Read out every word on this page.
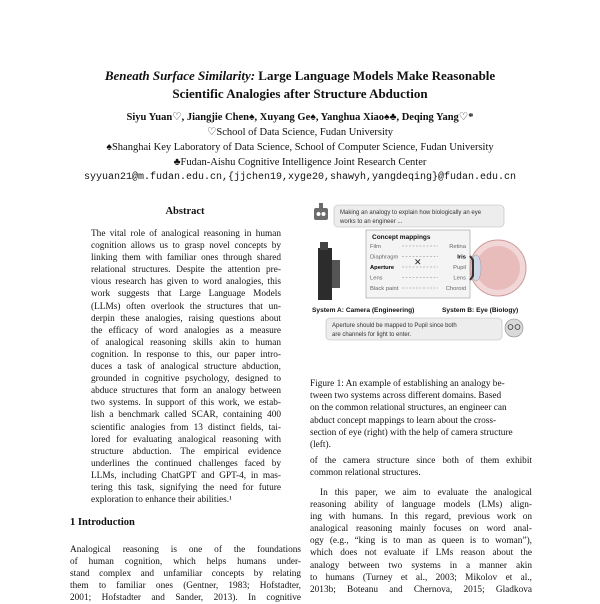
Beneath Surface Similarity: Large Language Models Make Reasonable
Scientific Analogies after Structure Abduction
Siyu Yuan♡, Jiangjie Chen♠, Xuyang Ge♠, Yanghua Xiao♠♣, Deqing Yang♡*
♡School of Data Science, Fudan University
♠Shanghai Key Laboratory of Data Science, School of Computer Science, Fudan University
♣Fudan-Aishu Cognitive Intelligence Joint Research Center
syyuan21@m.fudan.edu.cn,{jjchen19,xyge20,shawyh,yangdeqing}@fudan.edu.cn
Abstract
The vital role of analogical reasoning in human
cognition allows us to grasp novel concepts by
linking them with familiar ones through shared
relational structures. Despite the attention pre-
vious research has given to word analogies, this
work suggests that Large Language Models
(LLMs) often overlook the structures that un-
derpin these analogies, raising questions about
the efficacy of word analogies as a measure
of analogical reasoning skills akin to human
cognition. In response to this, our paper intro-
duces a task of analogical structure abduction,
grounded in cognitive psychology, designed to
abduce structures that form an analogy between
two systems. In support of this work, we estab-
lish a benchmark called SCAR, containing 400
scientific analogies from 13 distinct fields, tai-
lored for evaluating analogical reasoning with
structure abduction. The empirical evidence
underlines the continued challenges faced by
LLMs, including ChatGPT and GPT-4, in mas-
tering this task, signifying the need for future
exploration to enhance their abilities.¹
1 Introduction
Analogical reasoning is one of the foundations
of human cognition, which helps humans under-
stand complex and unfamiliar concepts by relating
them to familiar ones (Gentner, 1983; Hofstadter,
2001; Hofstadter and Sander, 2013). In cognitive
Making an analogy to explain how biologically an eye
works to an engineer ...
Concept mappings
Film
Diaphragm
Aperture
Lens
Black paint
Retina
Iris
Pupil
Lens
Choroid
✕
System A: Camera (Engineering)	System B: Eye (Biology)
Aperture should be mapped to Pupil since both
are channels for light to enter.
Figure 1: An example of establishing an analogy be-
tween two systems across different domains. Based
on the common relational structures, an engineer can
abduct concept mappings to learn about the cross-
section of eye (right) with the help of camera structure
(left).
of the camera structure since both of them exhibit
common relational structures.
In this paper, we aim to evaluate the analogical
reasoning ability of language models (LMs) align-
ing with humans. In this regard, previous work on
analogical reasoning mainly focuses on word anal-
ogy (e.g., “king is to man as queen is to woman”),
which does not evaluate if LMs reason about the
analogy between two systems in a manner akin
to humans (Turney et al., 2003; Mikolov et al.,
2013b; Boteanu and Chernova, 2015; Gladkova
